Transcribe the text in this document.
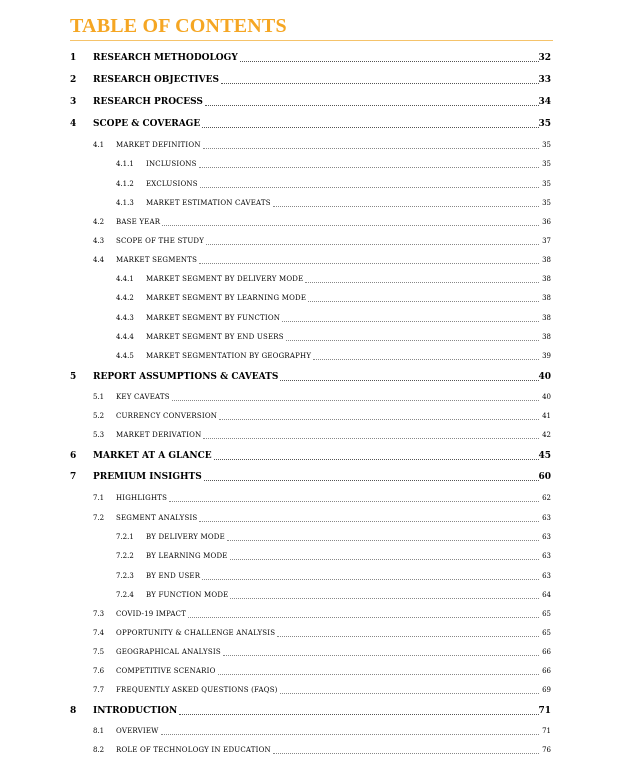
TABLE OF CONTENTS
1 RESEARCH METHODOLOGY	32
2 RESEARCH OBJECTIVES	33
3 RESEARCH PROCESS	34
4 SCOPE & COVERAGE	35
4.1 MARKET DEFINITION	35
4.1.1 INCLUSIONS	35
4.1.2 EXCLUSIONS	35
4.1.3 MARKET ESTIMATION CAVEATS	35
4.2 BASE YEAR	36
4.3 SCOPE OF THE STUDY	37
4.4 MARKET SEGMENTS	38
4.4.1 MARKET SEGMENT BY DELIVERY MODE	38
4.4.2 MARKET SEGMENT BY LEARNING MODE	38
4.4.3 MARKET SEGMENT BY FUNCTION	38
4.4.4 MARKET SEGMENT BY END USERS	38
4.4.5 MARKET SEGMENTATION BY GEOGRAPHY	39
5 REPORT ASSUMPTIONS & CAVEATS	40
5.1 KEY CAVEATS	40
5.2 CURRENCY CONVERSION	41
5.3 MARKET DERIVATION	42
6 MARKET AT A GLANCE	45
7 PREMIUM INSIGHTS	60
7.1 HIGHLIGHTS	62
7.2 SEGMENT ANALYSIS	63
7.2.1 BY DELIVERY MODE	63
7.2.2 BY LEARNING MODE	63
7.2.3 BY END USER	63
7.2.4 BY FUNCTION MODE	64
7.3 COVID-19 IMPACT	65
7.4 OPPORTUNITY & CHALLENGE ANALYSIS	65
7.5 GEOGRAPHICAL ANALYSIS	66
7.6 COMPETITIVE SCENARIO	66
7.7 FREQUENTLY ASKED QUESTIONS (FAQS)	69
8 INTRODUCTION	71
8.1 OVERVIEW	71
8.2 ROLE OF TECHNOLOGY IN EDUCATION	76
